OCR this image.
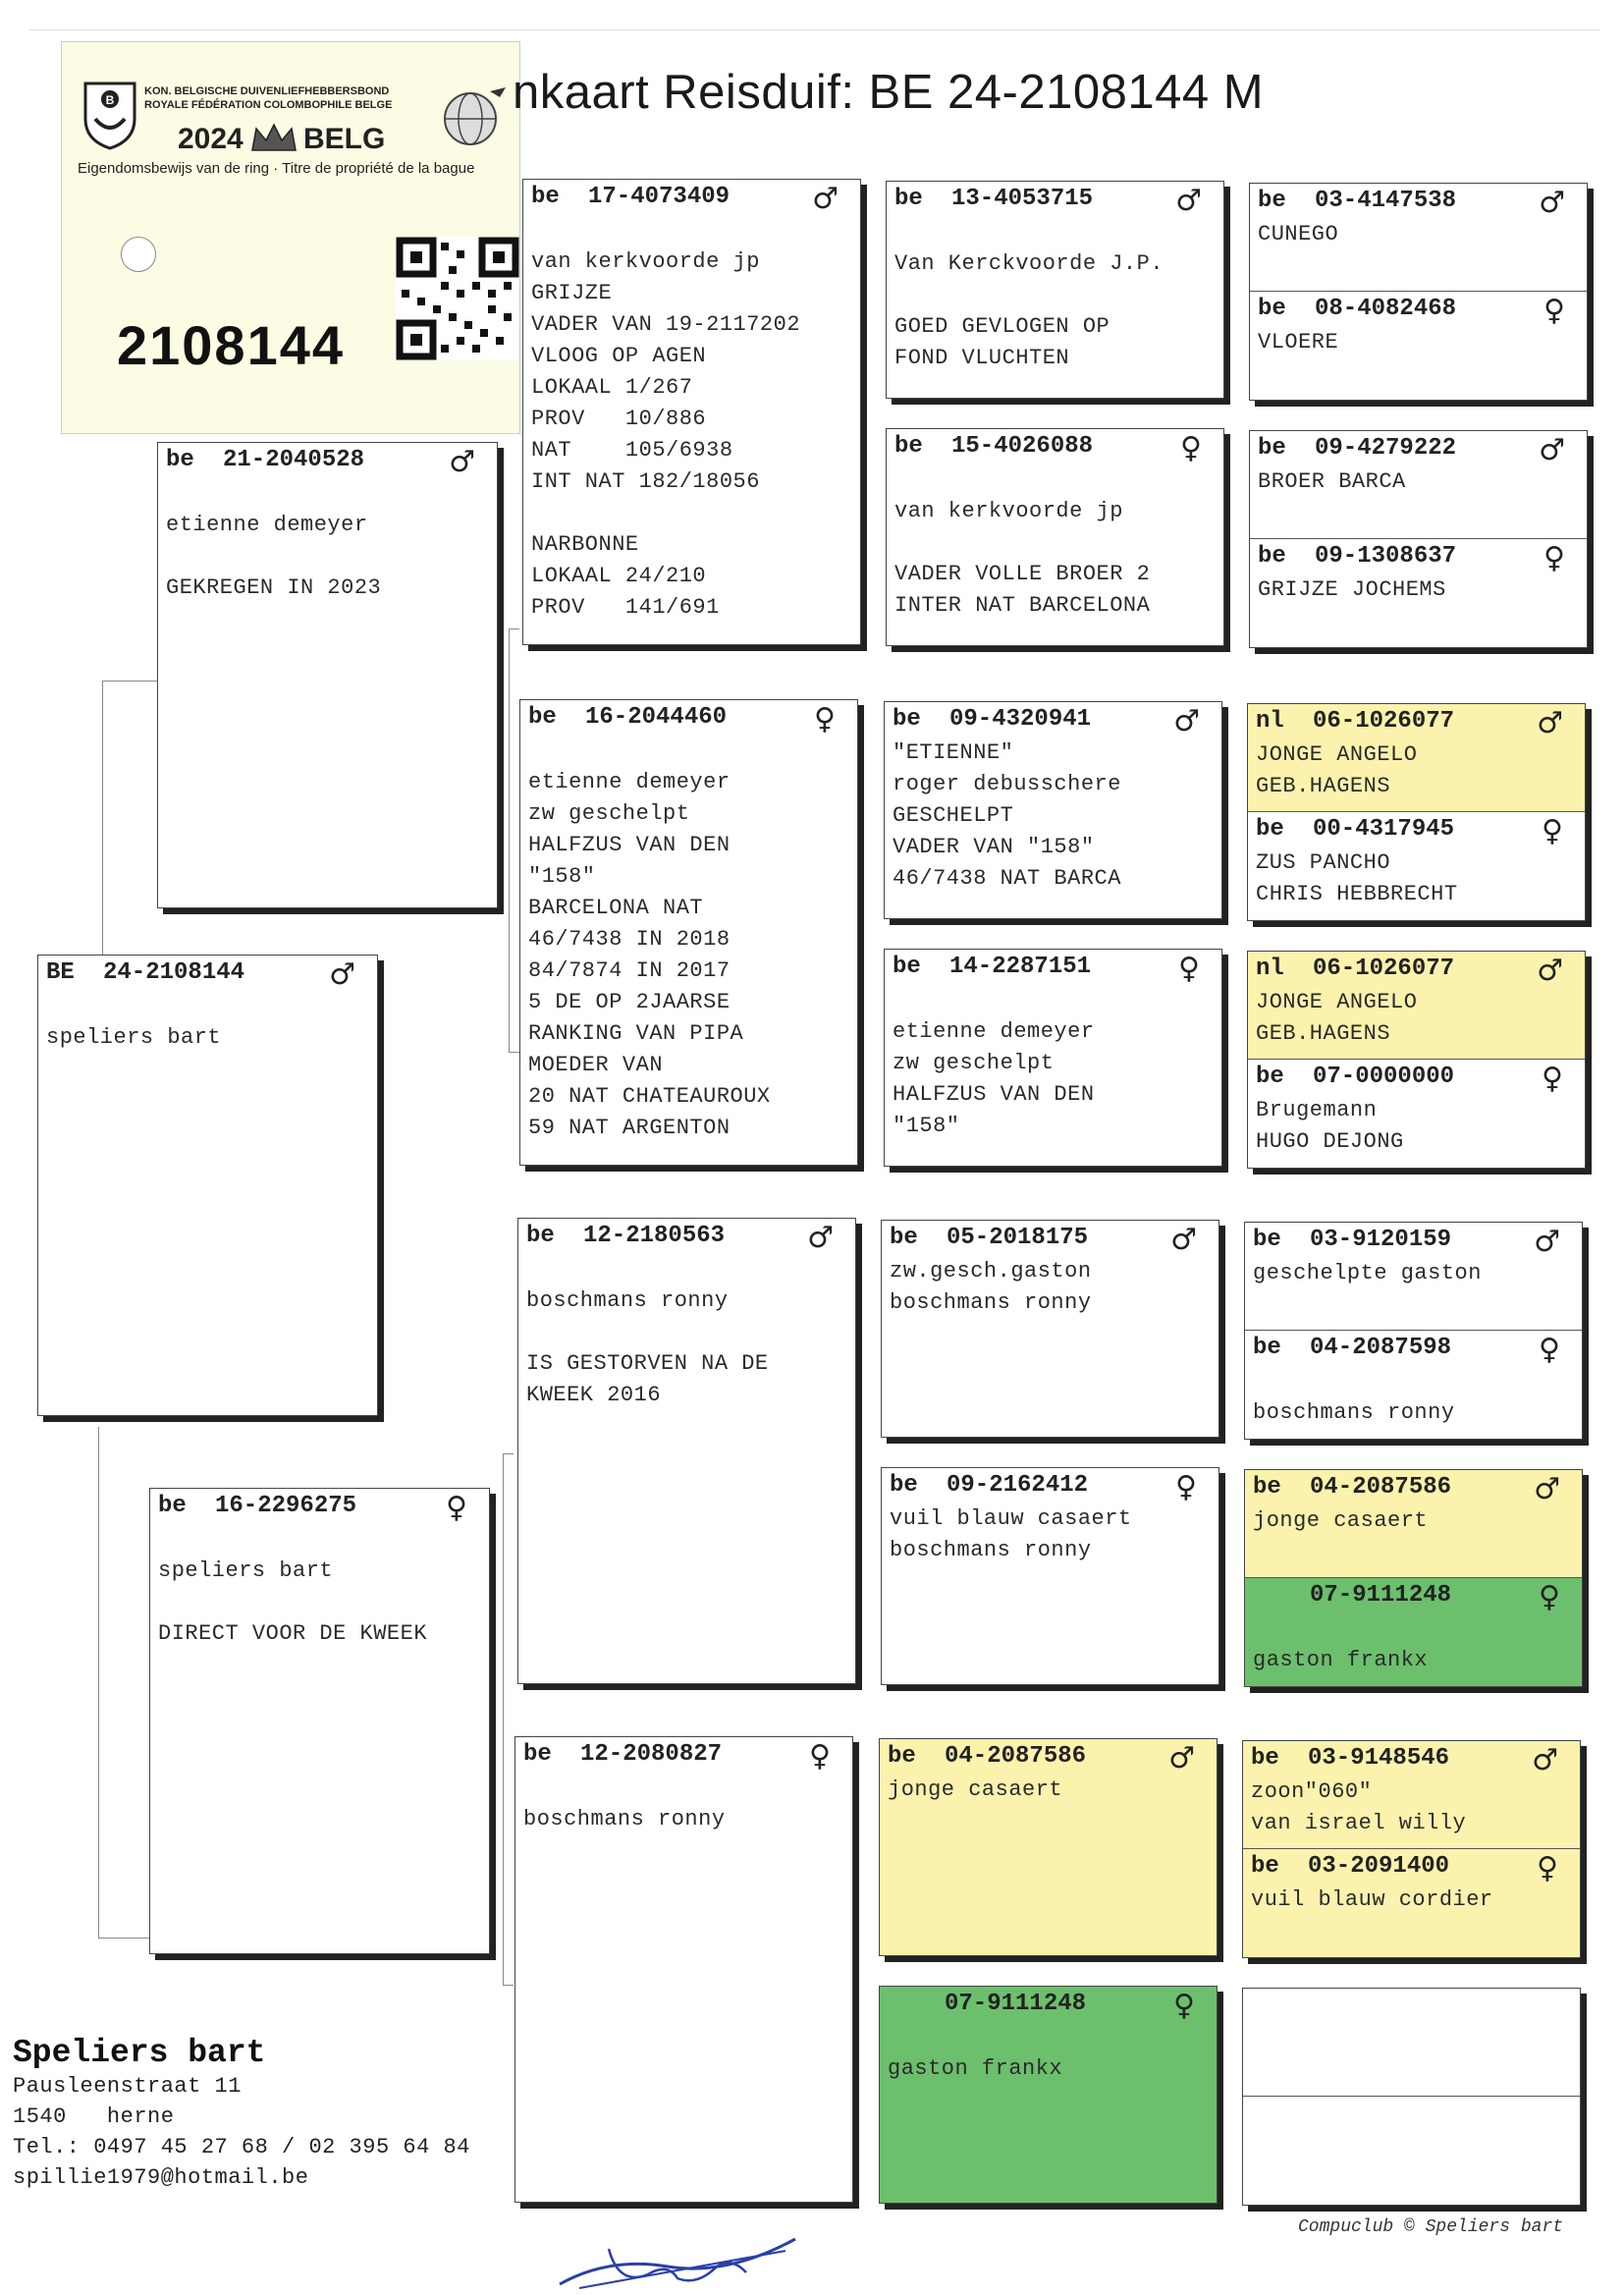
B
KON. BELGISCHE DUIVENLIEFHEBBERSBOND
ROYALE FÉDÉRATION COLOMBOPHILE BELGE
2024 BELG
Eigendomsbewijs van de ring · Titre de propriété de la bague
2108144
nkaart Reisduif: BE 24-2108144 M
BE 24-2108144	♂
speliers bart
be 21-2040528	♂
etienne demeyer
GEKREGEN IN 2023
be 16-2296275	♀
speliers bart
DIRECT VOOR DE KWEEK
be 17-4073409	♂
van kerkvoorde jp
GRIJZE
VADER VAN 19-2117202
VLOOG OP AGEN
LOKAAL 1/267
PROV   10/886
NAT    105/6938
INT NAT 182/18056
NARBONNE
LOKAAL 24/210
PROV   141/691
be 16-2044460	♀
etienne demeyer
zw geschelpt
HALFZUS VAN DEN
"158"
BARCELONA NAT
46/7438 IN 2018
84/7874 IN 2017
5 DE OP 2JAARSE
RANKING VAN PIPA
MOEDER VAN
20 NAT CHATEAUROUX
59 NAT ARGENTON
be 12-2180563	♂
boschmans ronny
IS GESTORVEN NA DE
KWEEK 2016
be 12-2080827	♀
boschmans ronny
be 13-4053715	♂
Van Kerckvoorde J.P.
GOED GEVLOGEN OP
FOND VLUCHTEN
be 15-4026088	♀
van kerkvoorde jp
VADER VOLLE BROER 2
INTER NAT BARCELONA
be 09-4320941	♂
"ETIENNE"
roger debusschere
GESCHELPT
VADER VAN "158"
46/7438 NAT BARCA
be 14-2287151	♀
etienne demeyer
zw geschelpt
HALFZUS VAN DEN
"158"
be 05-2018175	♂
zw.gesch.gaston
boschmans ronny
be 09-2162412	♀
vuil blauw casaert
boschmans ronny
be 04-2087586	♂
jonge casaert
07-9111248	♀
gaston frankx
be 03-4147538	♂
CUNEGO
be 08-4082468	♀
VLOERE
be 09-4279222	♂
BROER BARCA
be 09-1308637	♀
GRIJZE JOCHEMS
nl 06-1026077	♂
JONGE ANGELO
GEB.HAGENS
be 00-4317945	♀
ZUS PANCHO
CHRIS HEBBRECHT
nl 06-1026077	♂
JONGE ANGELO
GEB.HAGENS
be 07-0000000	♀
Brugemann
HUGO DEJONG
be 03-9120159	♂
geschelpte gaston
be 04-2087598	♀
boschmans ronny
be 04-2087586	♂
jonge casaert
07-9111248	♀
gaston frankx
be 03-9148546	♂
zoon"060"
van israel willy
be 03-2091400	♀
vuil blauw cordier
Speliers bart
Pausleenstraat 11
1540   herne
Tel.: 0497 45 27 68 / 02 395 64 84
spillie1979@hotmail.be
Compuclub © Speliers bart
